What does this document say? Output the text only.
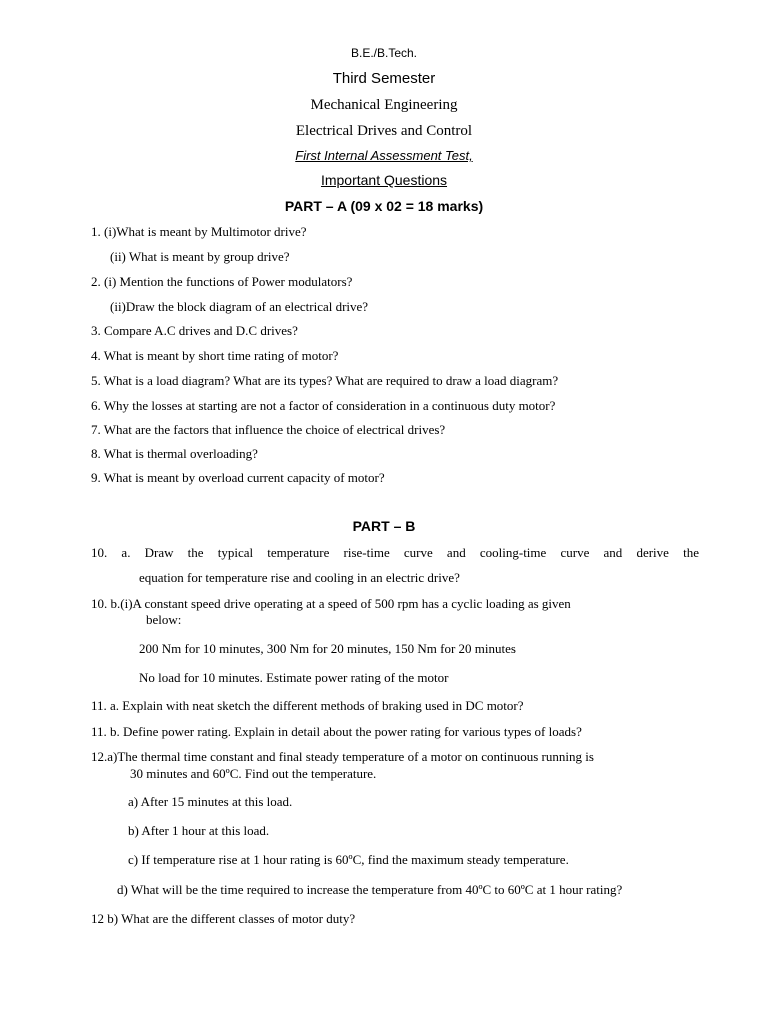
B.E./B.Tech.
Third Semester
Mechanical Engineering
Electrical Drives and Control
First Internal Assessment Test,
Important Questions
PART – A (09 x 02 = 18 marks)
1. (i)What is meant by Multimotor drive?
(ii) What is meant by group drive?
2. (i) Mention the functions of Power modulators?
(ii)Draw the block diagram of an electrical drive?
3. Compare A.C drives and D.C drives?
4. What is meant by short time rating of motor?
5. What is a load diagram? What are its types? What are required to draw a load diagram?
6. Why the losses at starting are not a factor of consideration in a continuous duty motor?
7. What are the factors that influence the choice of electrical drives?
8. What is thermal overloading?
9. What is meant by overload current capacity of motor?
PART – B
10. a. Draw the typical temperature rise-time curve and cooling-time curve and derive the
equation for temperature rise and cooling in an electric drive?
10. b.(i)A constant speed drive operating at a speed of 500 rpm has a cyclic loading as given
below:
200 Nm for 10 minutes, 300 Nm for 20 minutes, 150 Nm for 20 minutes
No load for 10 minutes. Estimate power rating of the motor
11. a. Explain with neat sketch the different methods of braking used in DC motor?
11. b. Define power rating. Explain in detail about the power rating for various types of loads?
12.a)The thermal time constant and final steady temperature of a motor on continuous running is
30 minutes and 60ºC. Find out the temperature.
a) After 15 minutes at this load.
b) After 1 hour at this load.
c) If temperature rise at 1 hour rating is 60ºC, find the maximum steady temperature.
d) What will be the time required to increase the temperature from 40ºC to 60ºC at 1 hour rating?
12 b) What are the different classes of motor duty?
